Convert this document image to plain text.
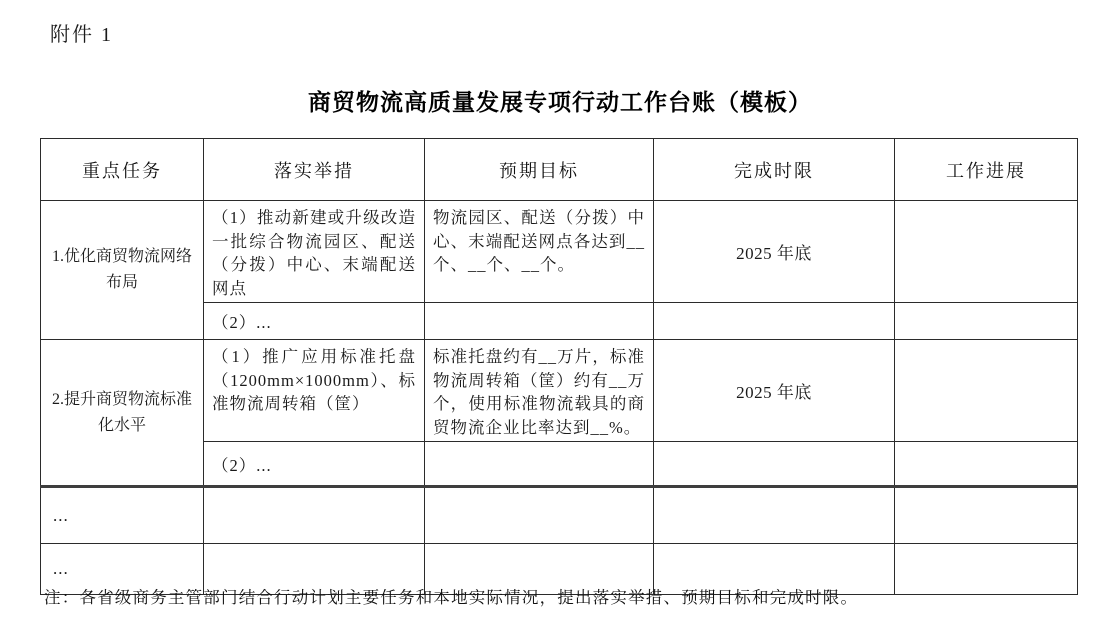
附件 1
商贸物流高质量发展专项行动工作台账（模板）
重点任务	落实举措	预期目标	完成时限	工作进展
1.优化商贸物流网络布局	（1）推动新建或升级改造一批综合物流园区、配送（分拨）中心、末端配送网点	物流园区、配送（分拨）中心、末端配送网点各达到__个、__个、__个。	2025 年底	
	（2）...			
2.提升商贸物流标准化水平	（1）推广应用标准托盘（1200mm×1000mm）、标准物流周转箱（筐）	标准托盘约有__万片，标准物流周转箱（筐）约有__万个，使用标准物流载具的商贸物流企业比率达到__%。	2025 年底	
	（2）...			
...				
...				
注：各省级商务主管部门结合行动计划主要任务和本地实际情况，提出落实举措、预期目标和完成时限。
